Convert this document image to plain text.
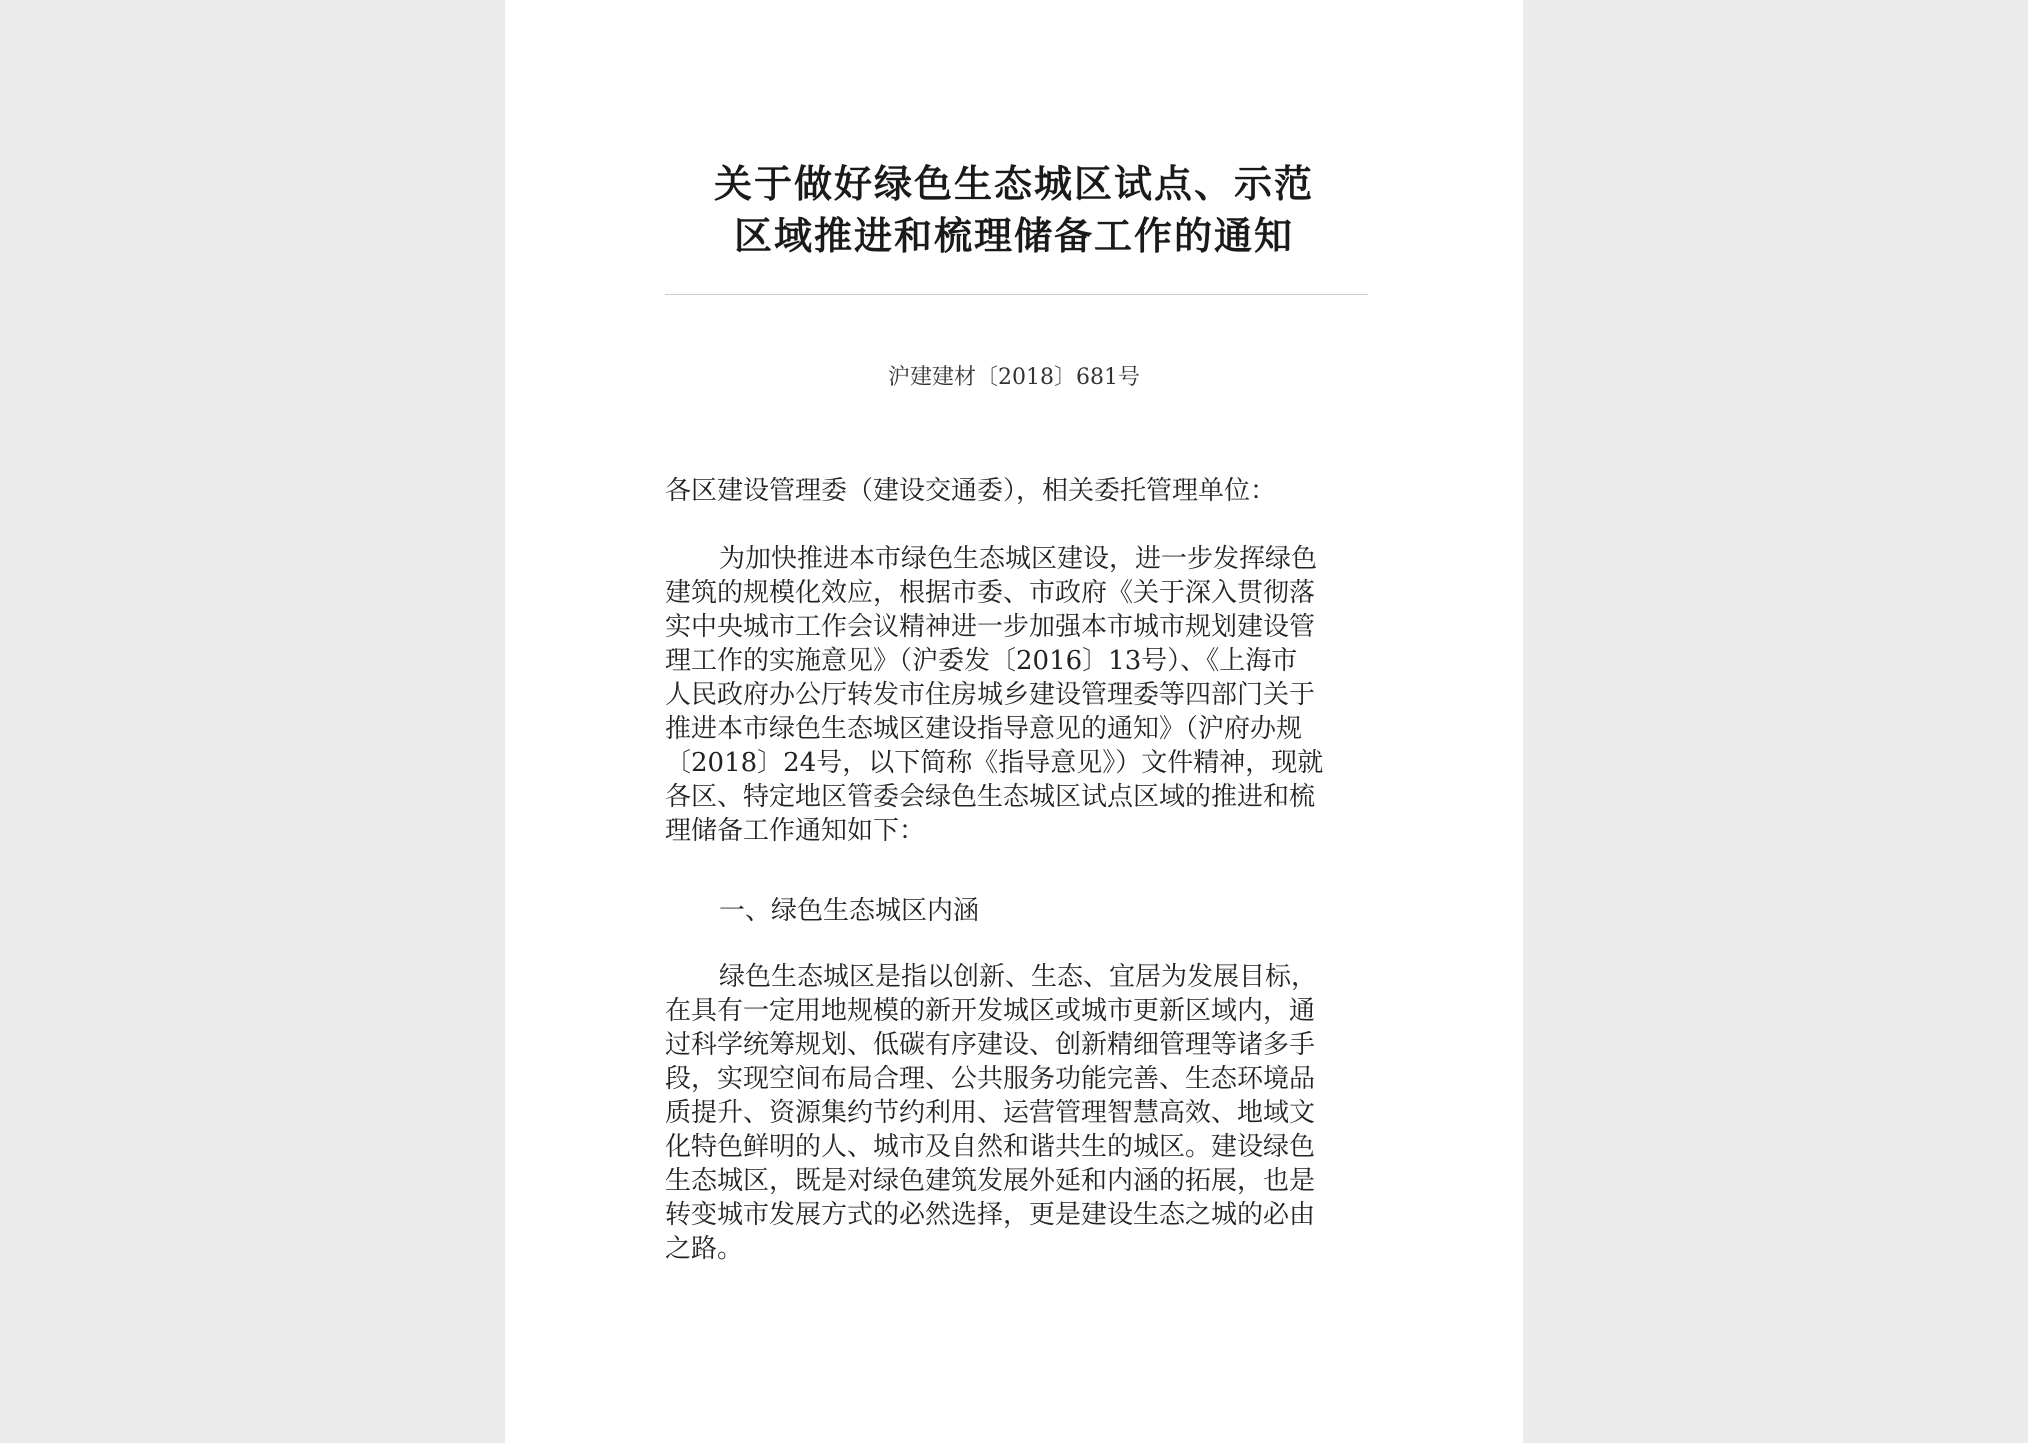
关于做好绿色生态城区试点、示范
区域推进和梳理储备工作的通知
沪建建材〔2018〕681号
各区建设管理委（建设交通委），相关委托管理单位：
为加快推进本市绿色生态城区建设，进一步发挥绿色
建筑的规模化效应，根据市委、市政府《关于深入贯彻落
实中央城市工作会议精神进一步加强本市城市规划建设管
理工作的实施意见》（沪委发〔2016〕13号）、《上海市
人民政府办公厅转发市住房城乡建设管理委等四部门关于
推进本市绿色生态城区建设指导意见的通知》（沪府办规
〔2018〕24号，以下简称《指导意见》）文件精神，现就
各区、特定地区管委会绿色生态城区试点区域的推进和梳
理储备工作通知如下：
一、绿色生态城区内涵
绿色生态城区是指以创新、生态、宜居为发展目标，
在具有一定用地规模的新开发城区或城市更新区域内，通
过科学统筹规划、低碳有序建设、创新精细管理等诸多手
段，实现空间布局合理、公共服务功能完善、生态环境品
质提升、资源集约节约利用、运营管理智慧高效、地域文
化特色鲜明的人、城市及自然和谐共生的城区。建设绿色
生态城区，既是对绿色建筑发展外延和内涵的拓展，也是
转变城市发展方式的必然选择，更是建设生态之城的必由
之路。
